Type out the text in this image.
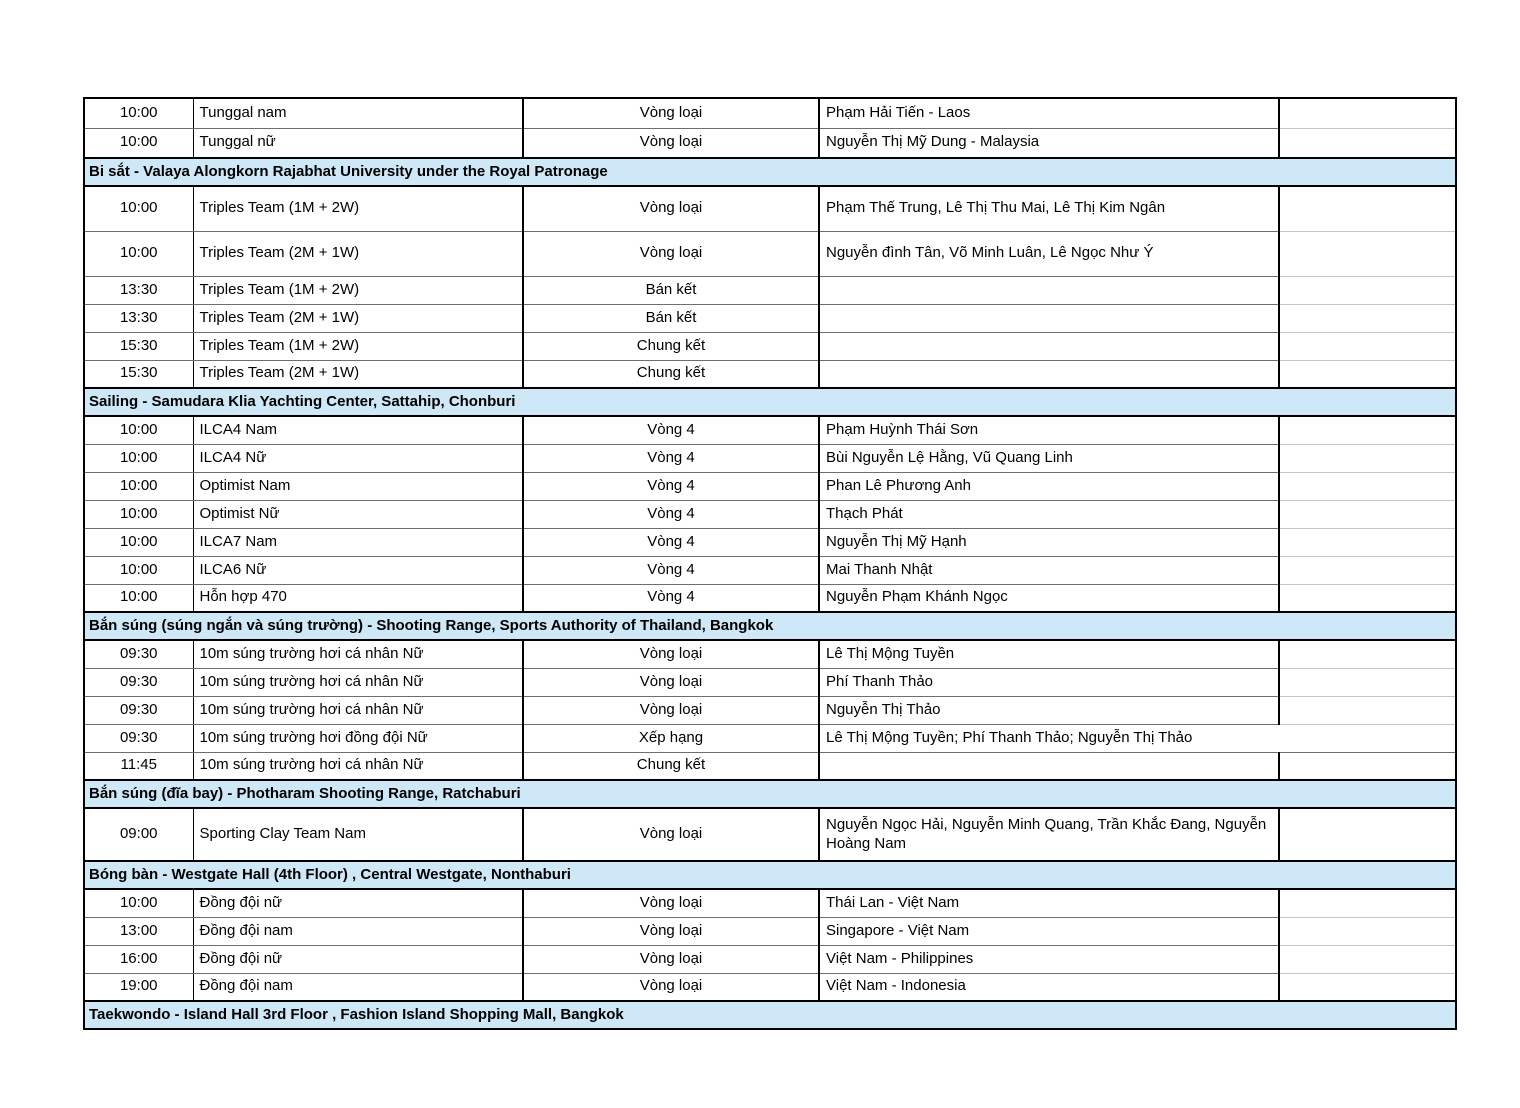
10:00	Tunggal nam	Vòng loại	Phạm Hải Tiến - Laos	
10:00	Tunggal nữ	Vòng loại	Nguyễn Thị Mỹ Dung - Malaysia	
Bi sắt - Valaya Alongkorn Rajabhat University under the Royal Patronage				
10:00	Triples Team (1M + 2W)	Vòng loại	Phạm Thế Trung, Lê Thị Thu Mai, Lê Thị Kim Ngân	
10:00	Triples Team (2M + 1W)	Vòng loại	Nguyễn đình Tân, Võ Minh Luân, Lê Ngọc Như Ý	
13:30	Triples Team (1M + 2W)	Bán kết		
13:30	Triples Team (2M + 1W)	Bán kết		
15:30	Triples Team (1M + 2W)	Chung kết		
15:30	Triples Team (2M + 1W)	Chung kết		
Sailing - Samudara Klia Yachting Center, Sattahip, Chonburi				
10:00	ILCA4 Nam	Vòng 4	Phạm Huỳnh Thái Sơn	
10:00	ILCA4 Nữ	Vòng 4	Bùi Nguyễn Lệ Hằng, Vũ Quang Linh	
10:00	Optimist Nam	Vòng 4	Phan Lê Phương Anh	
10:00	Optimist Nữ	Vòng 4	Thạch Phát	
10:00	ILCA7 Nam	Vòng 4	Nguyễn Thị Mỹ Hạnh	
10:00	ILCA6 Nữ	Vòng 4	Mai Thanh Nhật	
10:00	Hỗn hợp 470	Vòng 4	Nguyễn Phạm Khánh Ngọc	
Bắn súng (súng ngắn và súng trường) - Shooting Range, Sports Authority of Thailand, Bangkok				
09:30	10m súng trường hơi cá nhân Nữ	Vòng loại	Lê Thị Mộng Tuyền	
09:30	10m súng trường hơi cá nhân Nữ	Vòng loại	Phí Thanh Thảo	
09:30	10m súng trường hơi cá nhân Nữ	Vòng loại	Nguyễn Thị Thảo	
09:30	10m súng trường hơi đồng đội Nữ	Xếp hạng	Lê Thị Mộng Tuyền; Phí Thanh Thảo; Nguyễn Thị Thảo	
11:45	10m súng trường hơi cá nhân Nữ	Chung kết		
Bắn súng (đĩa bay) - Photharam Shooting Range, Ratchaburi				
09:00	Sporting Clay Team Nam	Vòng loại	Nguyễn Ngọc Hải, Nguyễn Minh Quang, Trần Khắc Đang, Nguyễn Hoàng Nam	
Bóng bàn - Westgate Hall (4th Floor) , Central Westgate, Nonthaburi				
10:00	Đồng đội nữ	Vòng loại	Thái Lan - Việt Nam	
13:00	Đồng đội nam	Vòng loại	Singapore - Việt Nam	
16:00	Đồng đội nữ	Vòng loại	Việt Nam - Philippines	
19:00	Đồng đội nam	Vòng loại	Việt Nam - Indonesia	
Taekwondo - Island Hall 3rd Floor , Fashion Island Shopping Mall, Bangkok				
